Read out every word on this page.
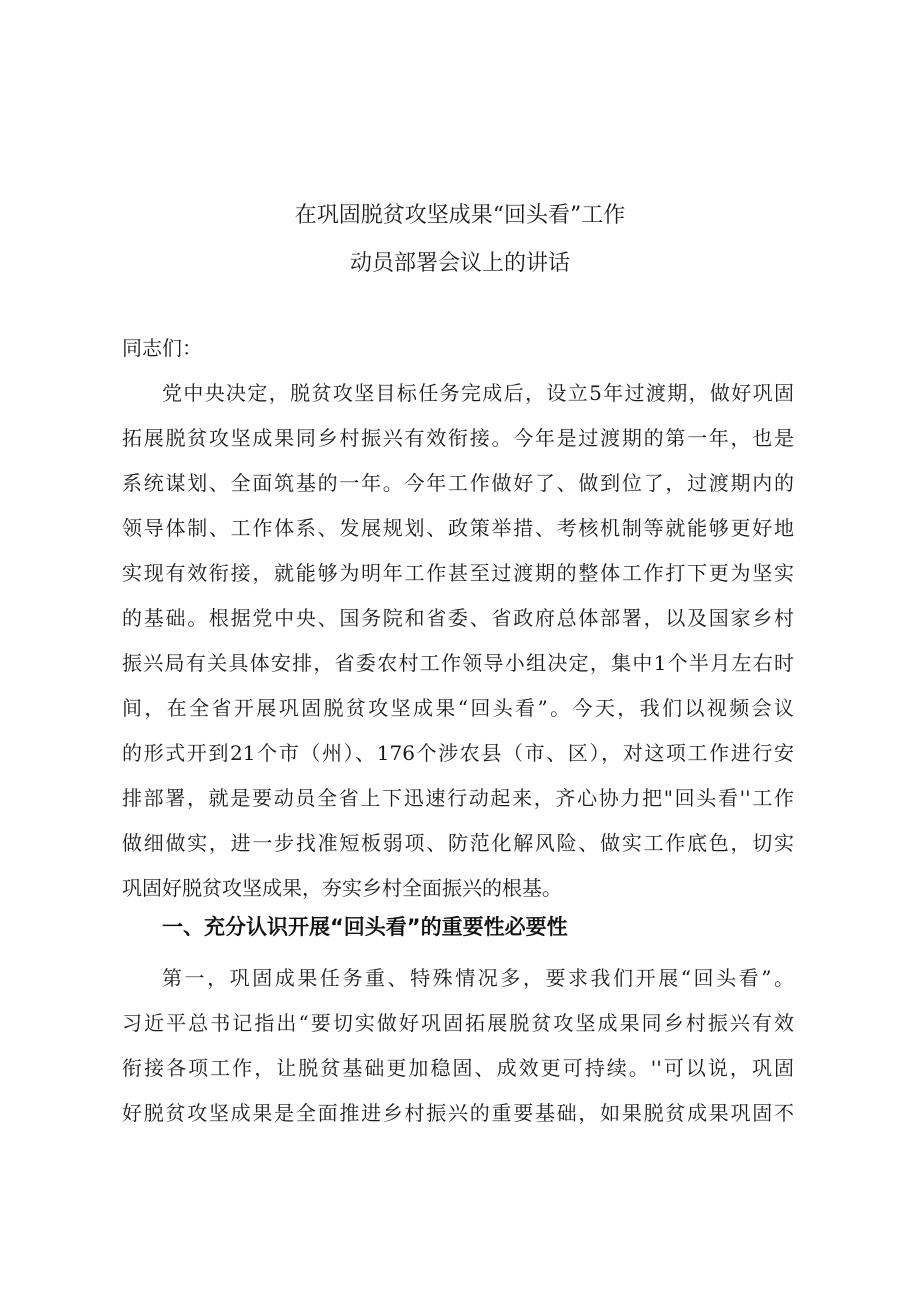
在巩固脱贫攻坚成果“回头看”工作
动员部署会议上的讲话
同志们：
党中央决定，脱贫攻坚目标任务完成后，设立5年过渡期，做好巩固
拓展脱贫攻坚成果同乡村振兴有效衔接。今年是过渡期的第一年，也是
系统谋划、全面筑基的一年。今年工作做好了、做到位了，过渡期内的
领导体制、工作体系、发展规划、政策举措、考核机制等就能够更好地
实现有效衔接，就能够为明年工作甚至过渡期的整体工作打下更为坚实
的基础。根据党中央、国务院和省委、省政府总体部署，以及国家乡村
振兴局有关具体安排，省委农村工作领导小组决定，集中1个半月左右时
间，在全省开展巩固脱贫攻坚成果“回头看”。今天，我们以视频会议
的形式开到21个市（州）、176个涉农县（市、区），对这项工作进行安
排部署，就是要动员全省上下迅速行动起来，齐心协力把"回头看''工作
做细做实，进一步找准短板弱项、防范化解风险、做实工作底色，切实
巩固好脱贫攻坚成果，夯实乡村全面振兴的根基。
一、充分认识开展“回头看”的重要性必要性
第一，巩固成果任务重、特殊情况多，要求我们开展“回头看”。
习近平总书记指出“要切实做好巩固拓展脱贫攻坚成果同乡村振兴有效
衔接各项工作，让脱贫基础更加稳固、成效更可持续。''可以说，巩固
好脱贫攻坚成果是全面推进乡村振兴的重要基础，如果脱贫成果巩固不
